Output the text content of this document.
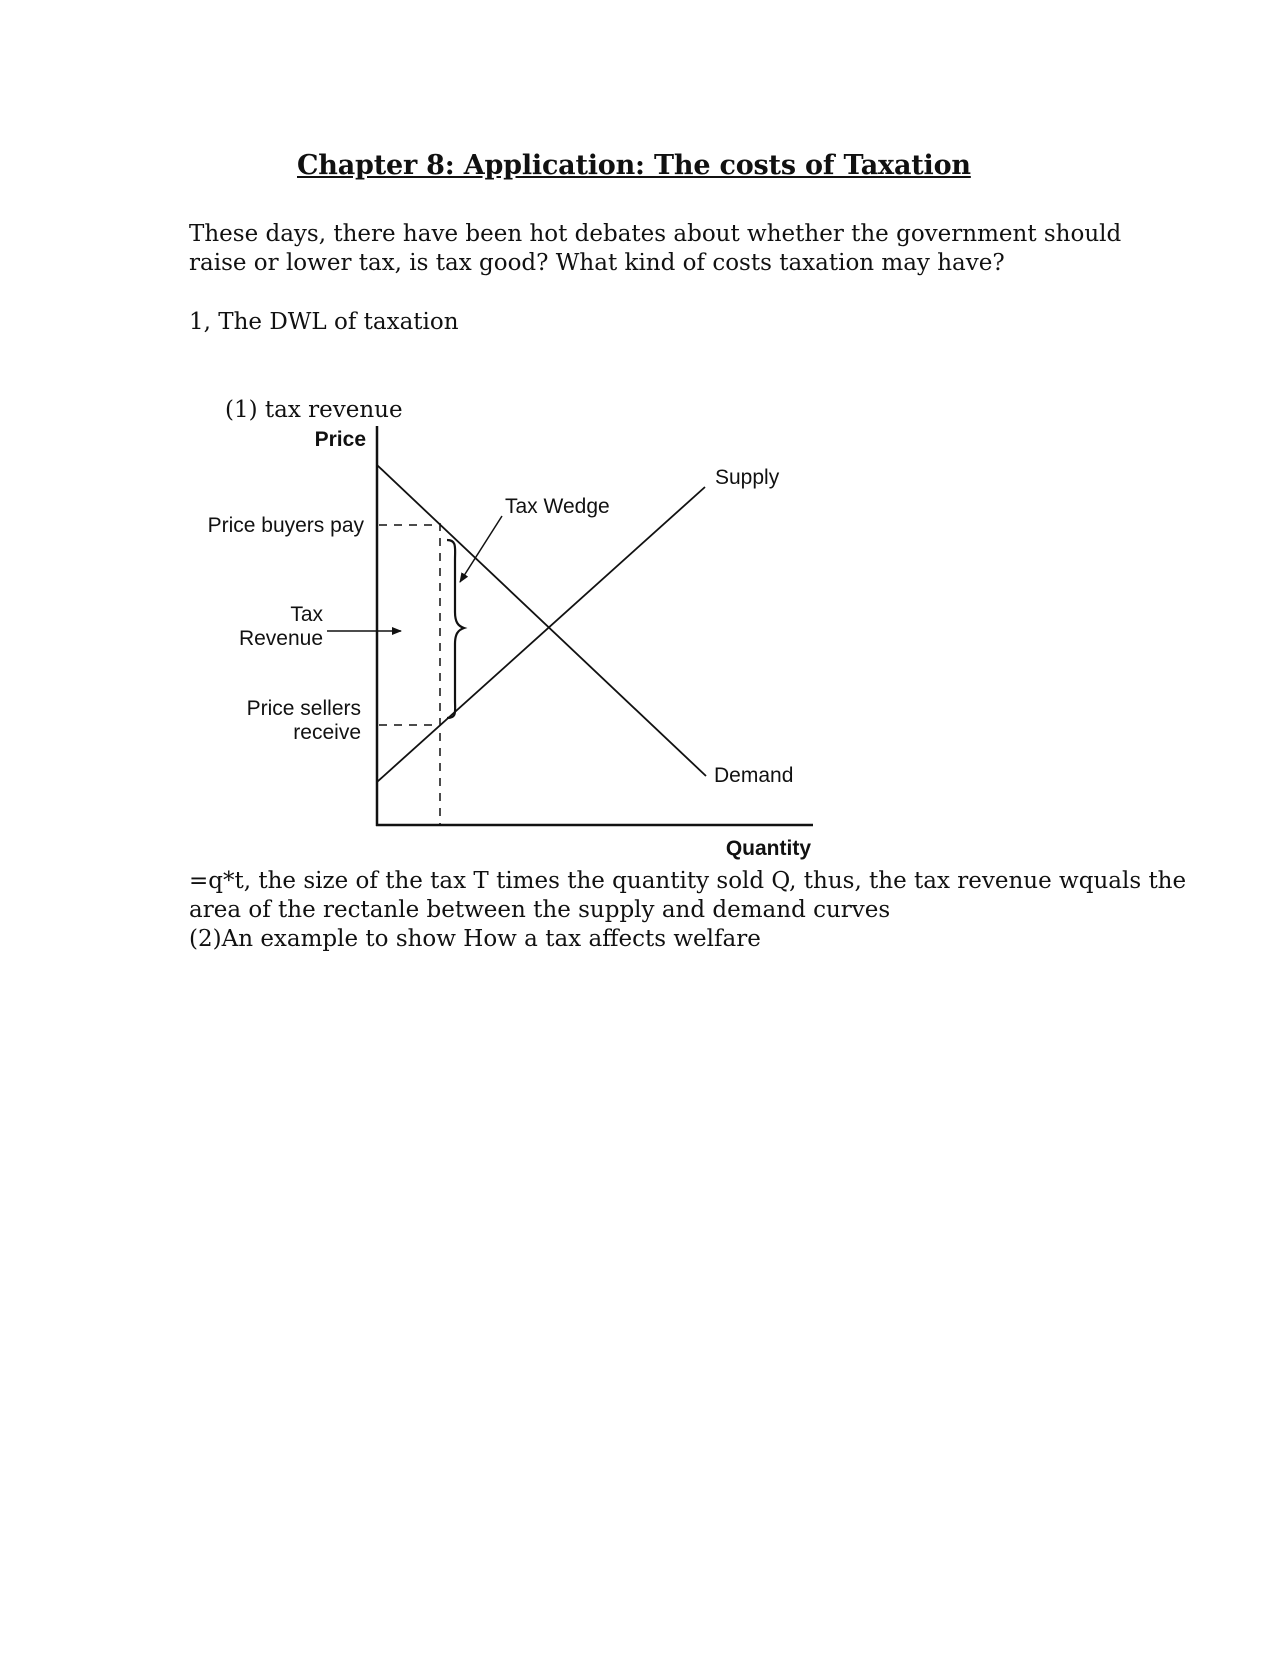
Chapter 8: Application: The costs of Taxation
These days, there have been hot debates about whether the government should
raise or lower tax, is tax good? What kind of costs taxation may have?
1, The DWL of taxation
(1) tax revenue
Price
Quantity
Supply
Demand
Tax Wedge
Price buyers pay
Tax
Revenue
Price sellers
receive
=q*t, the size of the tax T times the quantity sold Q, thus, the tax revenue wquals the
area of the rectanle between the supply and demand curves
(2)An example to show How a tax affects welfare
